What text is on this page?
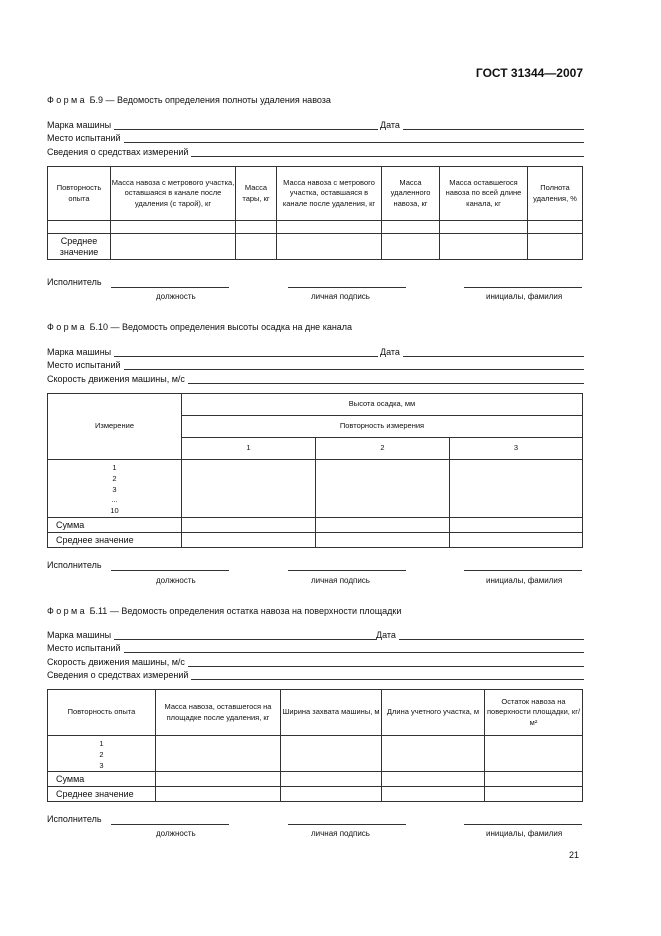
ГОСТ 31344—2007
Форма Б.9 — Ведомость определения полноты удаления навоза
Марка машины	Дата
Место испытаний
Сведения о средствах измерений
Повторность опыта	Масса навоза с метрового участка, оставшаяся в канале после удаления (с тарой), кг	Масса тары, кг	Масса навоза с метрового участка, оставшаяся в канале после удаления, кг	Масса удаленного навоза, кг	Масса оставшегося навоза по всей длине канала, кг	Полнота удаления, %

Среднее значение						
Исполнитель
должность	личная подпись	инициалы, фамилия
Форма Б.10 — Ведомость определения высоты осадка на дне канала
Марка машины	Дата
Место испытаний
Скорость движения машины, м/с
Измерение	Высота осадка, мм		
	Повторность измерения		
	1	2	3

1
2
3
...
10			

Сумма			
Среднее значение			
Исполнитель
должность	личная подпись	инициалы, фамилия
Форма Б.11 — Ведомость определения остатка навоза на поверхности площадки
Марка машины	Дата
Место испытаний
Скорость движения машины, м/с
Сведения о средствах измерений
Повторность опыта	Масса навоза, оставшегося на площадке после удаления, кг	Ширина захвата машины, м	Длина учетного участка, м	Остаток навоза на поверхности площадки, кг/м²

1
2
3				

Сумма				
Среднее значение				
Исполнитель
должность	личная подпись	инициалы, фамилия
21
